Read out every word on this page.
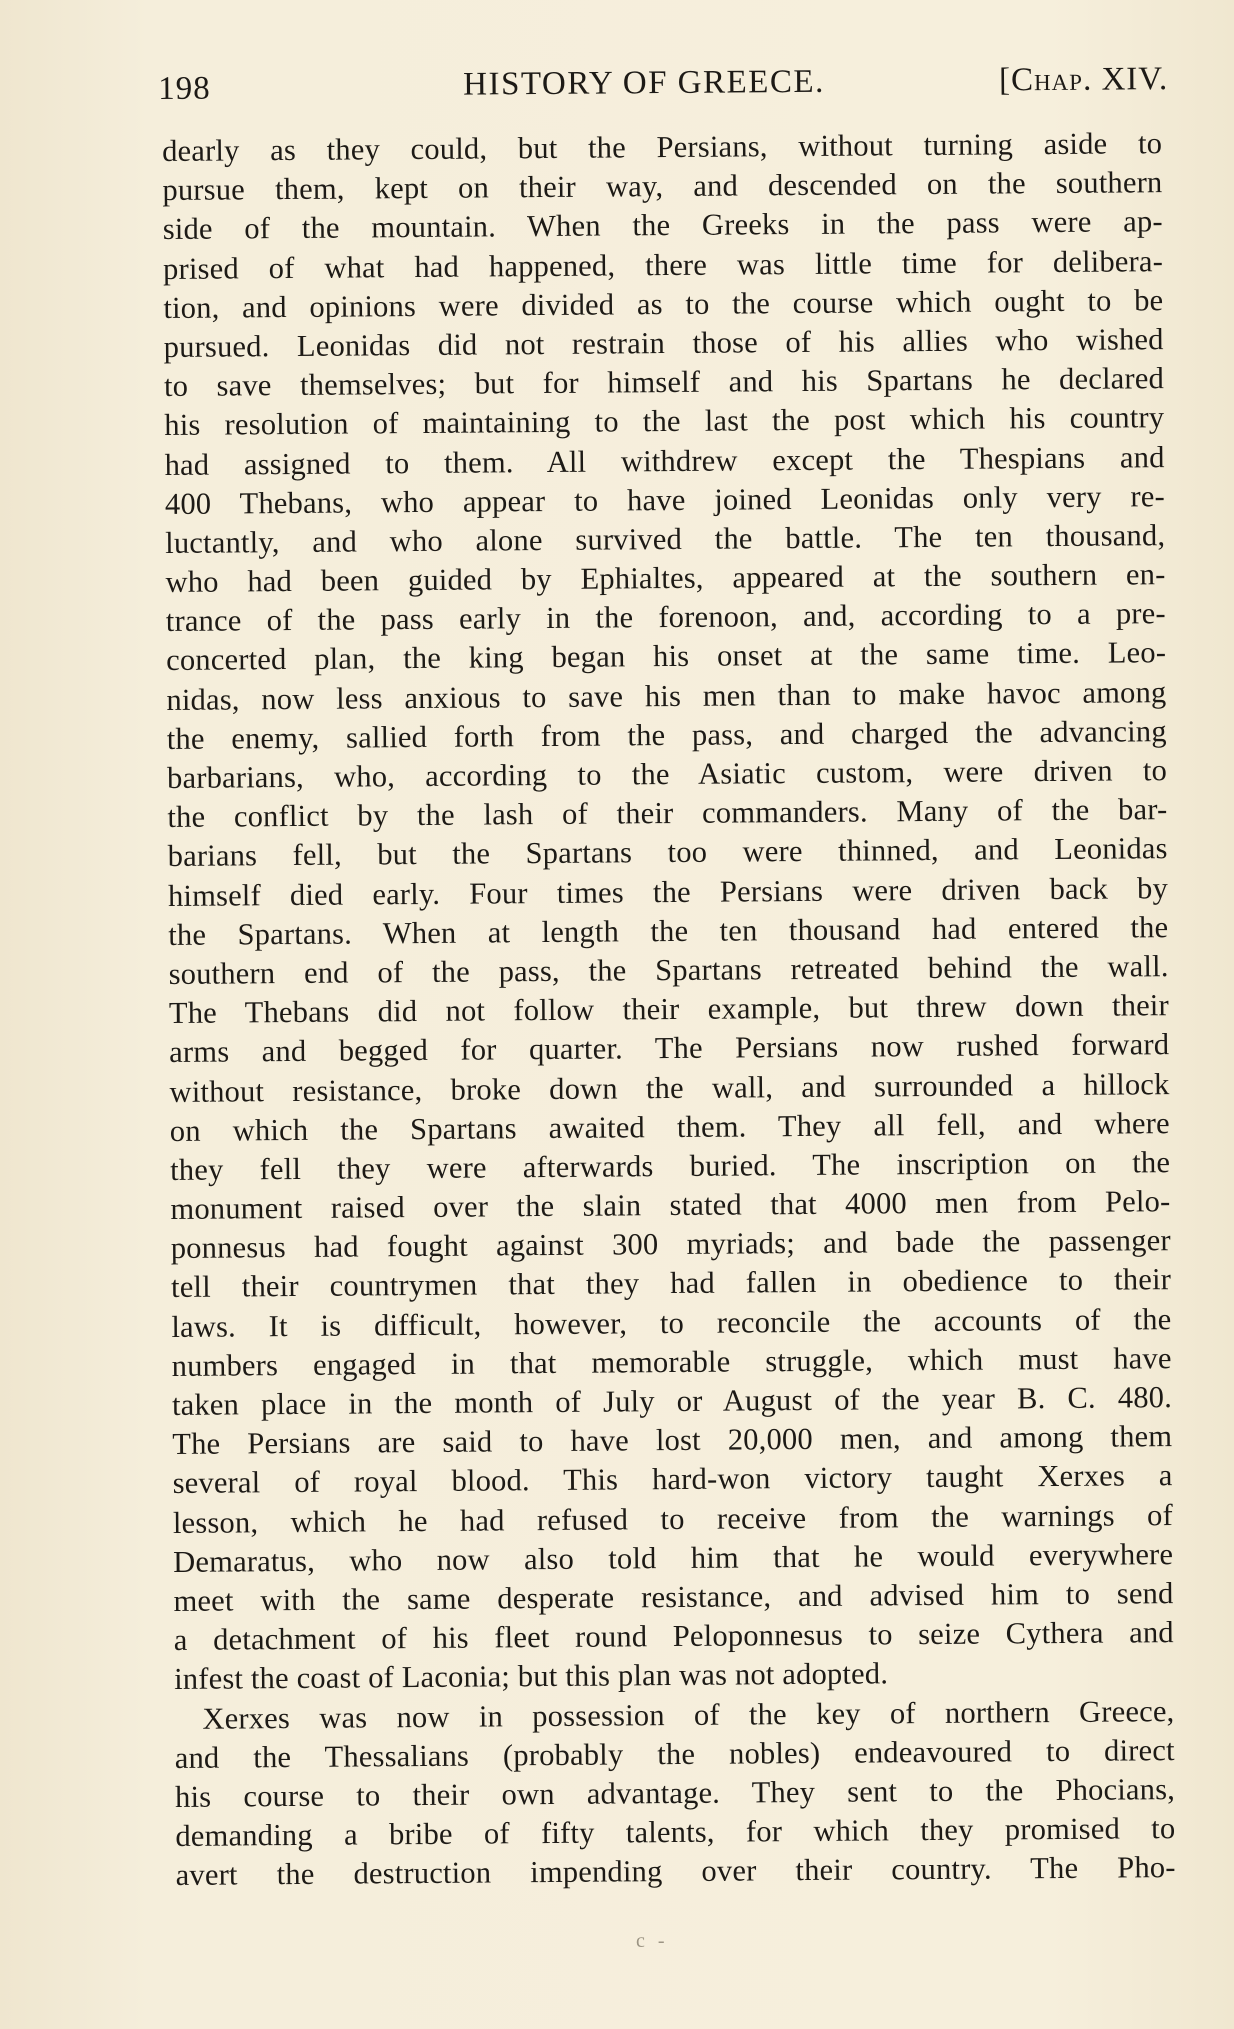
198	HISTORY OF GREECE.	[Chap. XIV.
dearly as they could, but the Persians, without turning aside to
pursue them, kept on their way, and descended on the southern
side of the mountain. When the Greeks in the pass were ap-
prised of what had happened, there was little time for delibera-
tion, and opinions were divided as to the course which ought to be
pursued. Leonidas did not restrain those of his allies who wished
to save themselves; but for himself and his Spartans he declared
his resolution of maintaining to the last the post which his country
had assigned to them. All withdrew except the Thespians and
400 Thebans, who appear to have joined Leonidas only very re-
luctantly, and who alone survived the battle. The ten thousand,
who had been guided by Ephialtes, appeared at the southern en-
trance of the pass early in the forenoon, and, according to a pre-
concerted plan, the king began his onset at the same time. Leo-
nidas, now less anxious to save his men than to make havoc among
the enemy, sallied forth from the pass, and charged the advancing
barbarians, who, according to the Asiatic custom, were driven to
the conflict by the lash of their commanders. Many of the bar-
barians fell, but the Spartans too were thinned, and Leonidas
himself died early. Four times the Persians were driven back by
the Spartans. When at length the ten thousand had entered the
southern end of the pass, the Spartans retreated behind the wall.
The Thebans did not follow their example, but threw down their
arms and begged for quarter. The Persians now rushed forward
without resistance, broke down the wall, and surrounded a hillock
on which the Spartans awaited them. They all fell, and where
they fell they were afterwards buried. The inscription on the
monument raised over the slain stated that 4000 men from Pelo-
ponnesus had fought against 300 myriads; and bade the passenger
tell their countrymen that they had fallen in obedience to their
laws. It is difficult, however, to reconcile the accounts of the
numbers engaged in that memorable struggle, which must have
taken place in the month of July or August of the year B. C. 480.
The Persians are said to have lost 20,000 men, and among them
several of royal blood. This hard-won victory taught Xerxes a
lesson, which he had refused to receive from the warnings of
Demaratus, who now also told him that he would everywhere
meet with the same desperate resistance, and advised him to send
a detachment of his fleet round Peloponnesus to seize Cythera and
infest the coast of Laconia; but this plan was not adopted.
Xerxes was now in possession of the key of northern Greece,
and the Thessalians (probably the nobles) endeavoured to direct
his course to their own advantage. They sent to the Phocians,
demanding a bribe of fifty talents, for which they promised to
avert the destruction impending over their country. The Pho-
c -
